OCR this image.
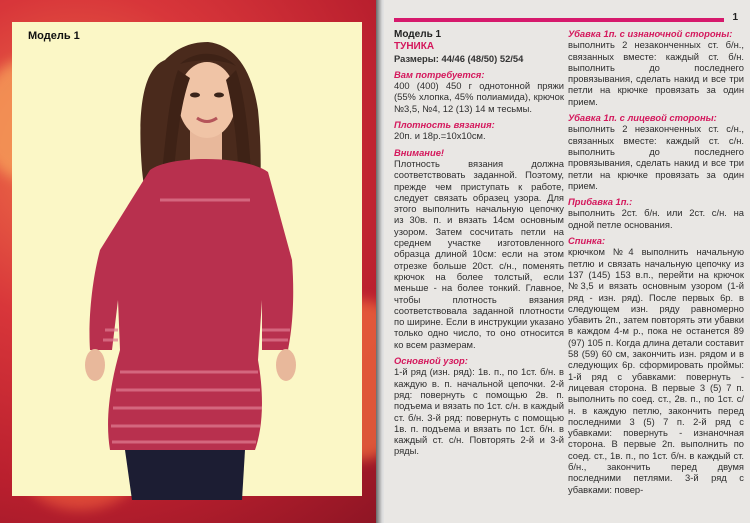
Модель 1
1

Модель 1

ТУНИКА

Размеры: 44/46 (48/50) 52/54

Вам потребуется:

400 (400) 450 г однотонной пряжи (55% хлопка, 45% полиамида), крючок №3,5, №4, 12 (13) 14 м тесьмы.

Плотность вязания:

20п. и 18р.=10х10см.

Внимание!

Плотность вязания должна соответствовать заданной. Поэтому, прежде чем приступать к работе, следует связать образец узора. Для этого выполнить начальную цепочку из 30в. п. и вязать 14см основным узором. Затем сосчитать петли на среднем участке изготовленного образца длиной 10см: если на этом отрезке больше 20ст. с/н., поменять крючок на более толстый, если меньше - на более тонкий. Главное, чтобы плотность вязания соответствовала заданной плотности по ширине. Если в инструкции указано только одно число, то оно относится ко всем размерам.

Основной узор:

1-й ряд (изн. ряд): 1в. п., по 1ст. б/н. в каждую в. п. начальной цепочки. 2-й ряд: повернуть с помощью 2в. п. подъема и вязать по 1ст. с/н. в каждый ст. б/н. 3-й ряд: повернуть с помощью 1в. п. подъема и вязать по 1ст. б/н. в каждый ст. с/н. Повторять 2-й и 3-й ряды.

Убавка 1п. с изнаночной стороны:

выполнить 2 незаконченных ст. б/н., связанных вместе: каждый ст. б/н. выполнить до последнего провязывания, сделать накид и все три петли на крючке провязать за один прием.

Убавка 1п. с лицевой стороны:

выполнить 2 незаконченных ст. с/н., связанных вместе: каждый ст. с/н. выполнить до последнего провязывания, сделать накид и все три петли на крючке провязать за один прием.

Прибавка 1п.:

выполнить 2ст. б/н. или 2ст. с/н. на одной петле основания.

Спинка:

крючком №4 выполнить начальную петлю и связать начальную цепочку из 137 (145) 153 в.п., перейти на крючок №3,5 и вязать основным узором (1-й ряд - изн. ряд). После первых 6р. в следующем изн. ряду равномерно убавить 2п., затем повторять эти убавки в каждом 4-м р., пока не останется 89 (97) 105 п. Когда длина детали составит 58 (59) 60 см, закончить изн. рядом и в следующих 6р. сформировать проймы: 1-й ряд с убавками: повернуть - лицевая сторона. В первые 3 (5) 7 п. выполнить по соед. ст., 2в. п., по 1ст. с/н. в каждую петлю, закончить перед последними 3 (5) 7 п. 2-й ряд с убавками: повернуть - изнаночная сторона. В первые 2п. выполнить по соед. ст., 1в. п., по 1ст. б/н. в каждый ст. б/н., закончить перед двумя последними петлями. 3-й ряд с убавками: повер-
